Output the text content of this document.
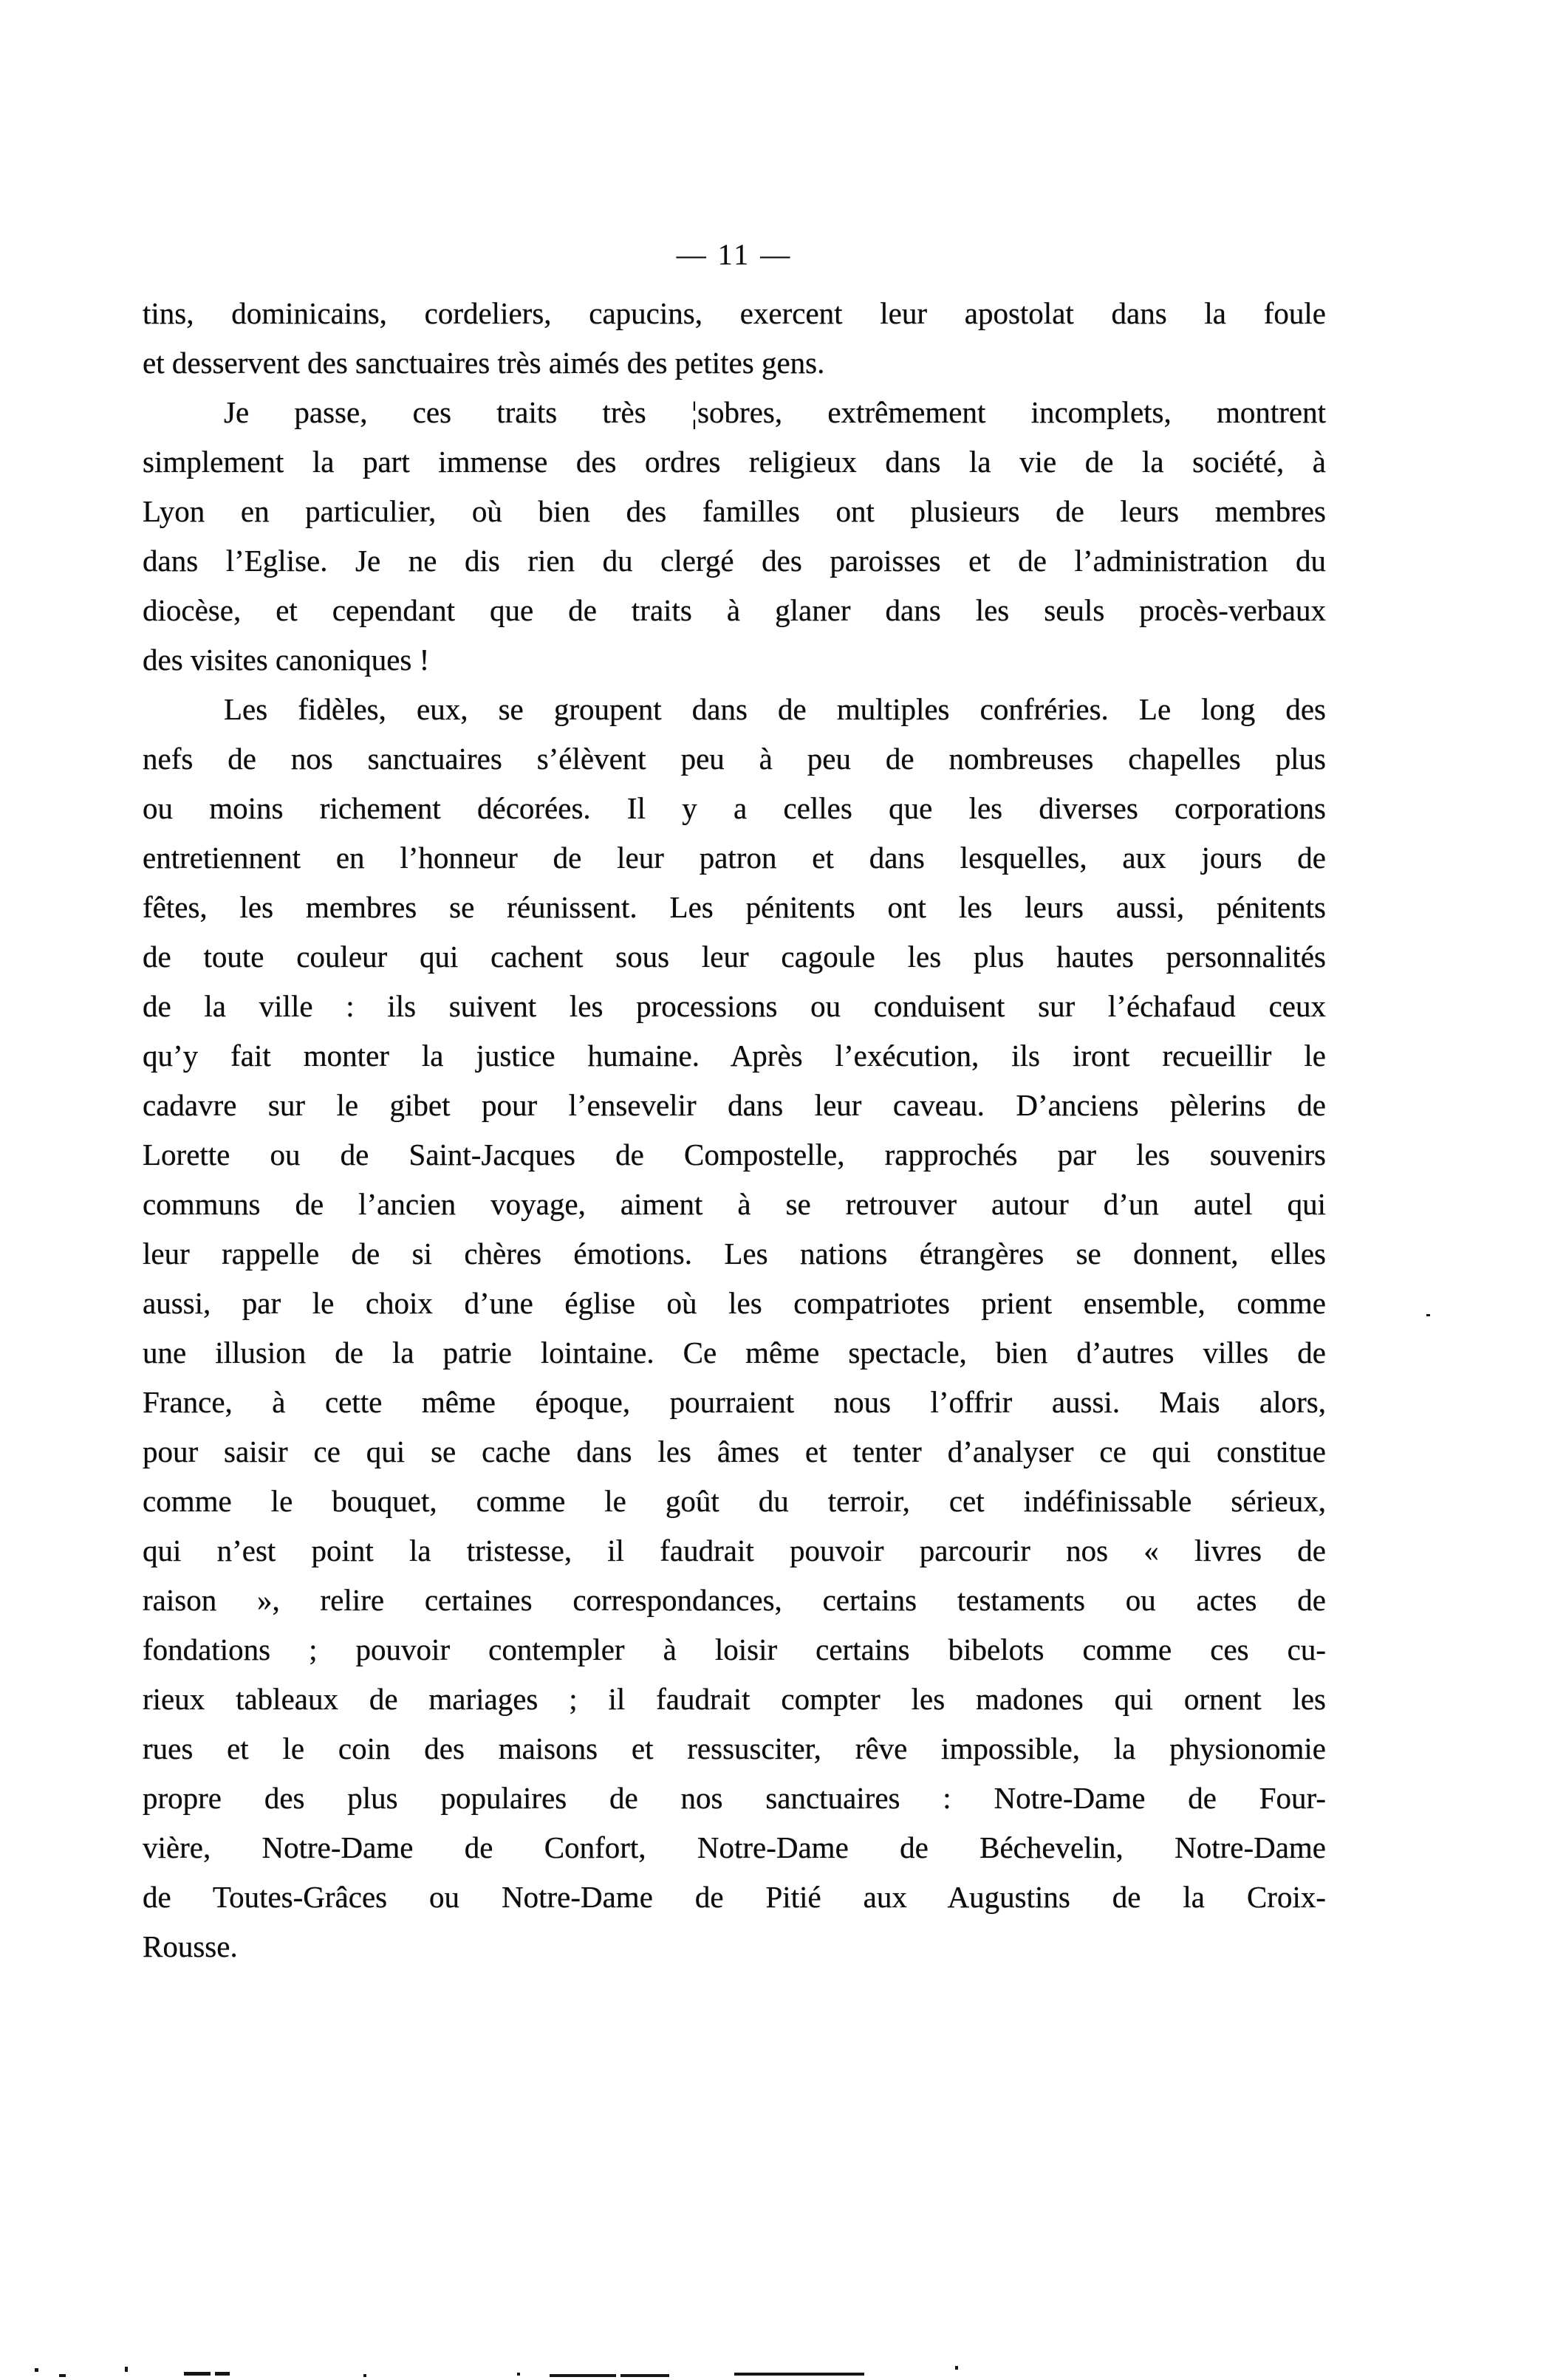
— 11 —
tins, dominicains, cordeliers, capucins, exercent leur apostolat dans la foule
et desservent des sanctuaires très aimés des petites gens.
Je passe, ces traits très ¦sobres, extrêmement incomplets, montrent
simplement la part immense des ordres religieux dans la vie de la société, à
Lyon en particulier, où bien des familles ont plusieurs de leurs membres
dans l’Eglise. Je ne dis rien du clergé des paroisses et de l’administration du
diocèse, et cependant que de traits à glaner dans les seuls procès-verbaux
des visites canoniques !
Les fidèles, eux, se groupent dans de multiples confréries. Le long des
nefs de nos sanctuaires s’élèvent peu à peu de nombreuses chapelles plus
ou moins richement décorées. Il y a celles que les diverses corporations
entretiennent en l’honneur de leur patron et dans lesquelles, aux jours de
fêtes, les membres se réunissent. Les pénitents ont les leurs aussi, pénitents
de toute couleur qui cachent sous leur cagoule les plus hautes personnalités
de la ville : ils suivent les processions ou conduisent sur l’échafaud ceux
qu’y fait monter la justice humaine. Après l’exécution, ils iront recueillir le
cadavre sur le gibet pour l’ensevelir dans leur caveau. D’anciens pèlerins de
Lorette ou de Saint-Jacques de Compostelle, rapprochés par les souvenirs
communs de l’ancien voyage, aiment à se retrouver autour d’un autel qui
leur rappelle de si chères émotions. Les nations étrangères se donnent, elles
aussi, par le choix d’une église où les compatriotes prient ensemble, comme
une illusion de la patrie lointaine. Ce même spectacle, bien d’autres villes de
France, à cette même époque, pourraient nous l’offrir aussi. Mais alors,
pour saisir ce qui se cache dans les âmes et tenter d’analyser ce qui constitue
comme le bouquet, comme le goût du terroir, cet indéfinissable sérieux,
qui n’est point la tristesse, il faudrait pouvoir parcourir nos « livres de
raison », relire certaines correspondances, certains testaments ou actes de
fondations ; pouvoir contempler à loisir certains bibelots comme ces cu-
rieux tableaux de mariages ; il faudrait compter les madones qui ornent les
rues et le coin des maisons et ressusciter, rêve impossible, la physionomie
propre des plus populaires de nos sanctuaires : Notre-Dame de Four-
vière, Notre-Dame de Confort, Notre-Dame de Béchevelin, Notre-Dame
de Toutes-Grâces ou Notre-Dame de Pitié aux Augustins de la Croix-
Rousse.
